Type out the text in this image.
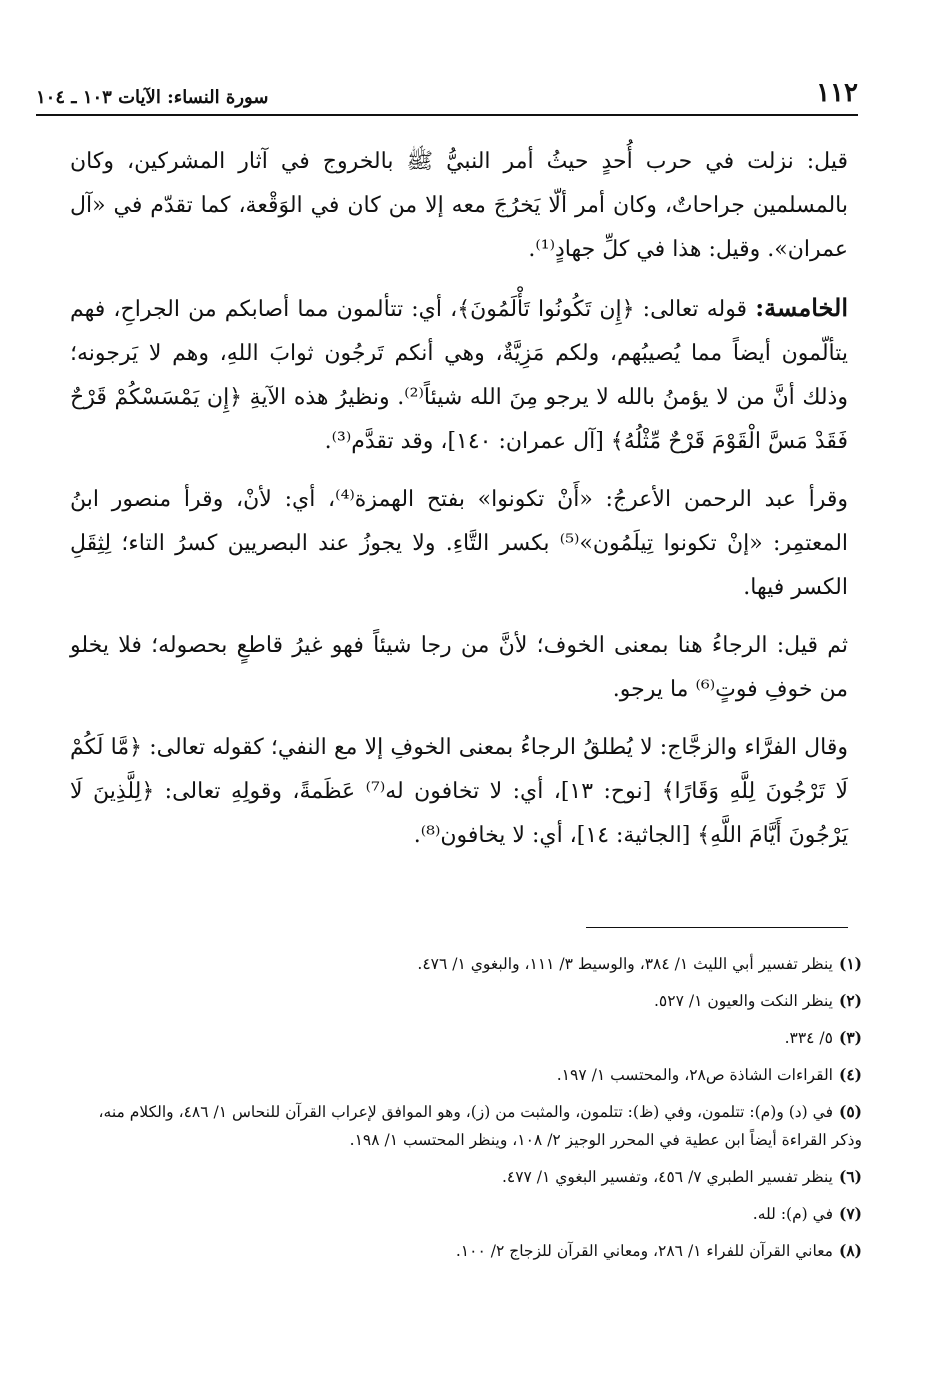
١١٢
سورة النساء: الآيات ١٠٣ ـ ١٠٤

قيل: نزلت في حرب أُحدٍ حيثُ أمر النبيُّ ﷺ بالخروج في آثار المشركين، وكان بالمسلمين جراحاتٌ، وكان أمر ألّا يَخرُجَ معه إلا من كان في الوَقْعة، كما تقدّم في «آل عمران». وقيل: هذا في كلِّ جهادٍ⁽¹⁾.

الخامسة: قوله تعالى: ﴿إِن تَكُونُوا تَأْلَمُونَ﴾، أي: تتألمون مما أصابكم من الجراحِ، فهم يتألّمون أيضاً مما يُصيبُهم، ولكم مَزِيَّةٌ، وهي أنكم تَرجُون ثوابَ اللهِ، وهم لا يَرجونه؛ وذلك أنَّ من لا يؤمنُ بالله لا يرجو مِنَ الله شيئاً⁽²⁾. ونظيرُ هذه الآيةِ ﴿إِن يَمْسَسْكُمْ قَرْحٌ فَقَدْ مَسَّ الْقَوْمَ قَرْحٌ مِّثْلُهُ﴾ [آل عمران: ١٤٠]، وقد تقدَّم⁽³⁾.

وقرأ عبد الرحمن الأعرجُ: «أَنْ تكونوا» بفتح الهمزة⁽⁴⁾، أي: لأنْ، وقرأ منصور ابنُ المعتمِر: «إنْ تكونوا تِيلَمُون»⁽⁵⁾ بكسر التَّاءِ. ولا يجوزُ عند البصريين كسرُ التاء؛ لِثِقَلِ الكسر فيها.

ثم قيل: الرجاءُ هنا بمعنى الخوف؛ لأنَّ من رجا شيئاً فهو غيرُ قاطعٍ بحصوله؛ فلا يخلو من خوفِ فوتٍ⁽⁶⁾ ما يرجو.

وقال الفرَّاء والزجَّاج: لا يُطلقُ الرجاءُ بمعنى الخوفِ إلا مع النفي؛ كقوله تعالى: ﴿مَّا لَكُمْ لَا تَرْجُونَ لِلَّهِ وَقَارًا﴾ [نوح: ١٣]، أي: لا تخافون له⁽⁷⁾ عَظَمةً، وقولِهِ تعالى: ﴿لِلَّذِينَ لَا يَرْجُونَ أَيَّامَ اللَّهِ﴾ [الجاثية: ١٤]، أي: لا يخافون⁽⁸⁾.

(١)ينظر تفسير أبي الليث ١/ ٣٨٤، والوسيط ٣/ ١١١، والبغوي ١/ ٤٧٦.
(٢)ينظر النكت والعيون ١/ ٥٢٧.
(٣)٥/ ٣٣٤.
(٤)القراءات الشاذة ص٢٨، والمحتسب ١/ ١٩٧.
(٥)في (د) و(م): تتلمون، وفي (ظ): تتلمون، والمثبت من (ز)، وهو الموافق لإعراب القرآن للنحاس ١/ ٤٨٦، والكلام منه، وذكر القراءة أيضاً ابن عطية في المحرر الوجيز ٢/ ١٠٨، وينظر المحتسب ١/ ١٩٨.
(٦)ينظر تفسير الطبري ٧/ ٤٥٦، وتفسير البغوي ١/ ٤٧٧.
(٧)في (م): لله.
(٨)معاني القرآن للفراء ١/ ٢٨٦، ومعاني القرآن للزجاج ٢/ ١٠٠.
